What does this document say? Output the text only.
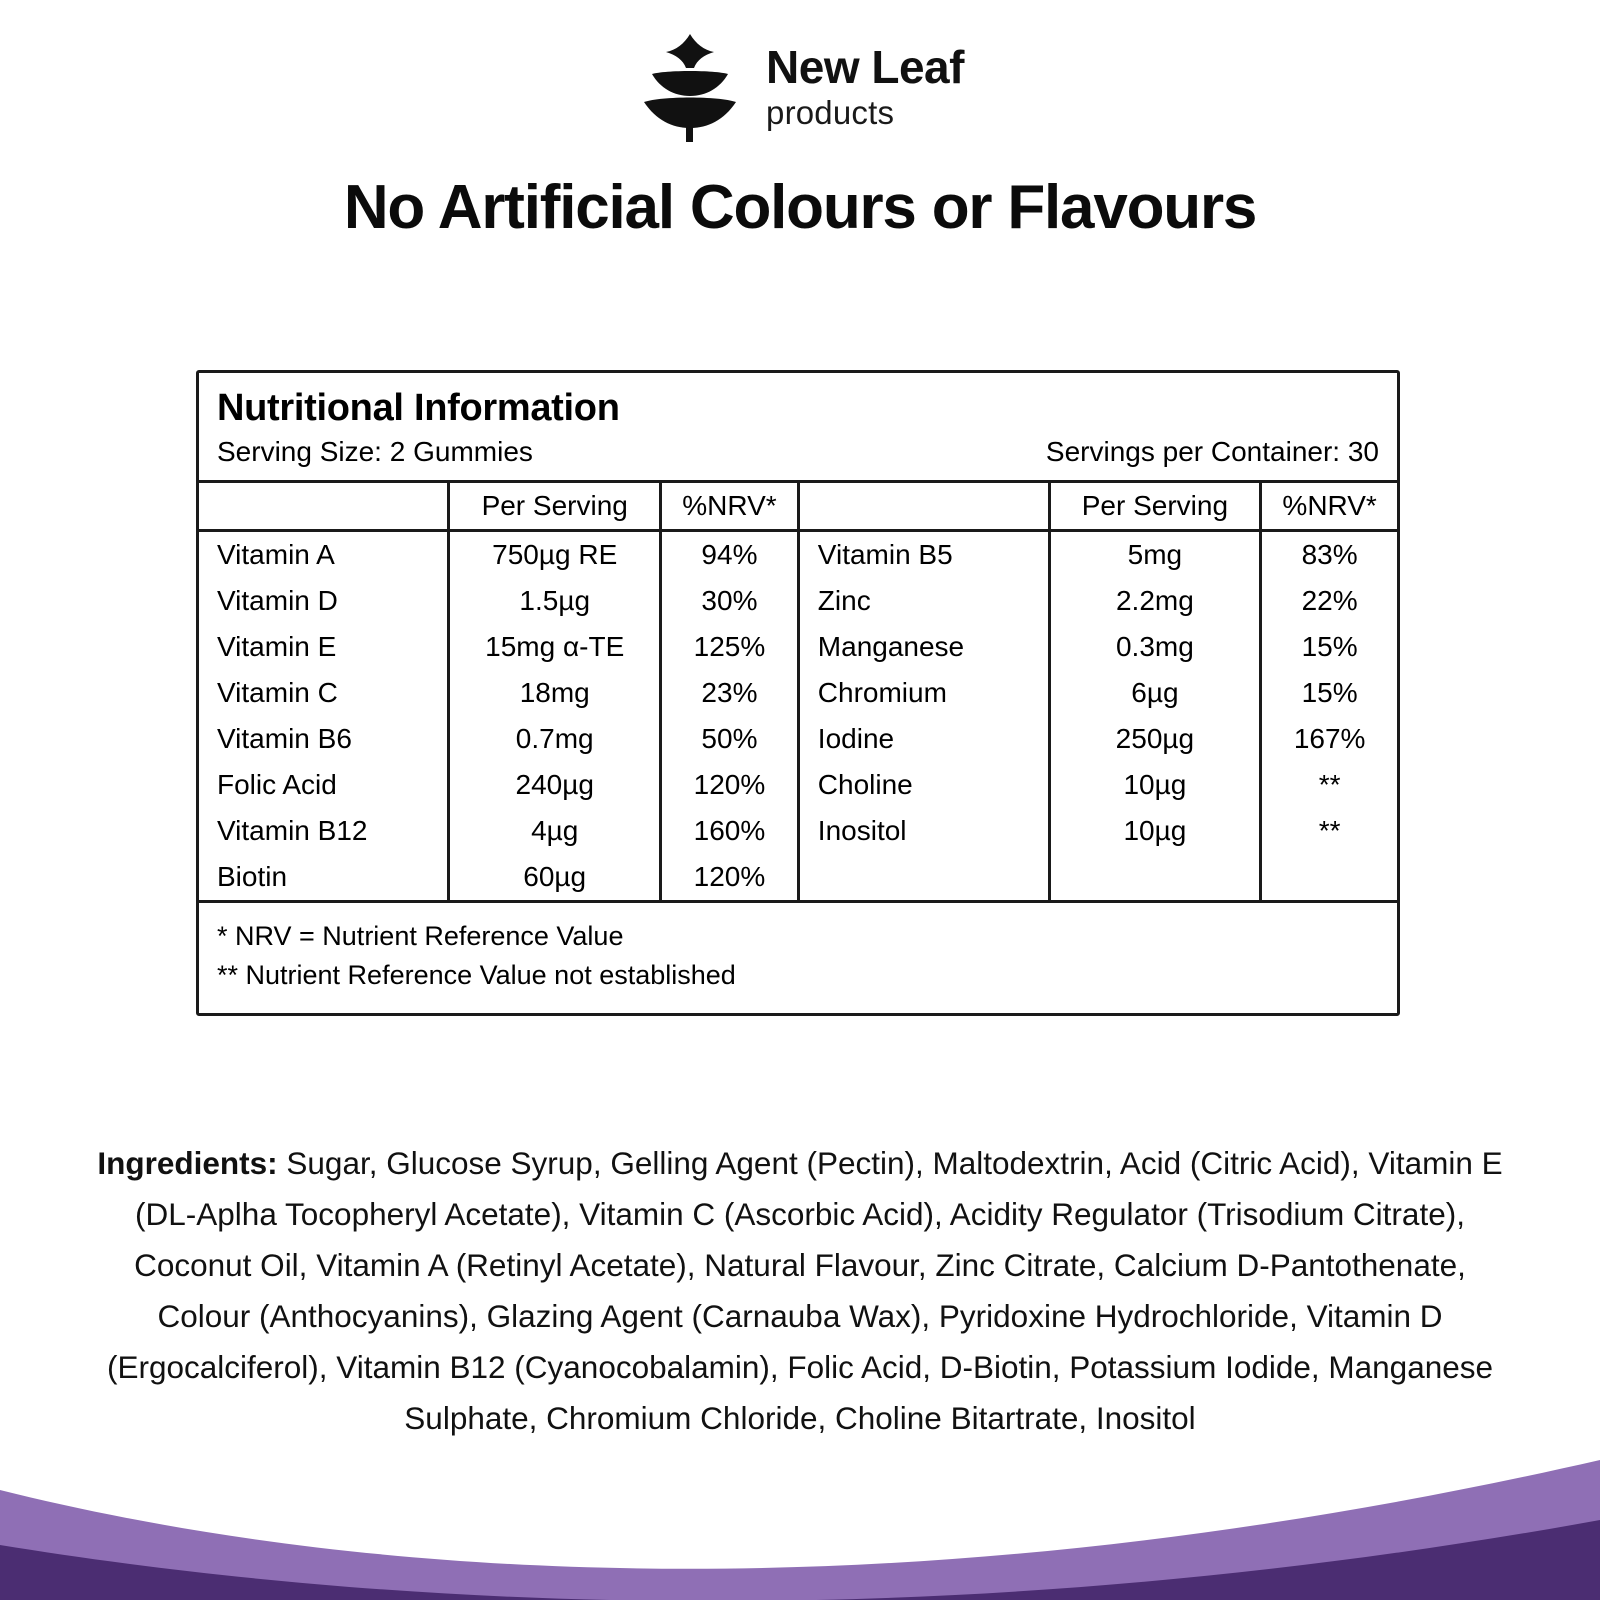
New Leaf
products
No Artificial Colours or Flavours
Nutritional Information
Serving Size: 2 Gummies	Servings per Container: 30
	Per Serving	%NRV*		Per Serving	%NRV*
Vitamin A	750µg RE	94%	Vitamin B5	5mg	83%
Vitamin D	1.5µg	30%	Zinc	2.2mg	22%
Vitamin E	15mg α-TE	125%	Manganese	0.3mg	15%
Vitamin C	18mg	23%	Chromium	6µg	15%
Vitamin B6	0.7mg	50%	Iodine	250µg	167%
Folic Acid	240µg	120%	Choline	10µg	**
Vitamin B12	4µg	160%	Inositol	10µg	**
Biotin	60µg	120%			
* NRV = Nutrient Reference Value
** Nutrient Reference Value not established
Ingredients: Sugar, Glucose Syrup, Gelling Agent (Pectin), Maltodextrin, Acid (Citric Acid), Vitamin E (DL-Aplha Tocopheryl Acetate), Vitamin C (Ascorbic Acid), Acidity Regulator (Trisodium Citrate), Coconut Oil, Vitamin A (Retinyl Acetate), Natural Flavour, Zinc Citrate, Calcium D-Pantothenate, Colour (Anthocyanins), Glazing Agent (Carnauba Wax), Pyridoxine Hydrochloride, Vitamin D (Ergocalciferol), Vitamin B12 (Cyanocobalamin), Folic Acid, D-Biotin, Potassium Iodide, Manganese Sulphate, Chromium Chloride, Choline Bitartrate, Inositol
